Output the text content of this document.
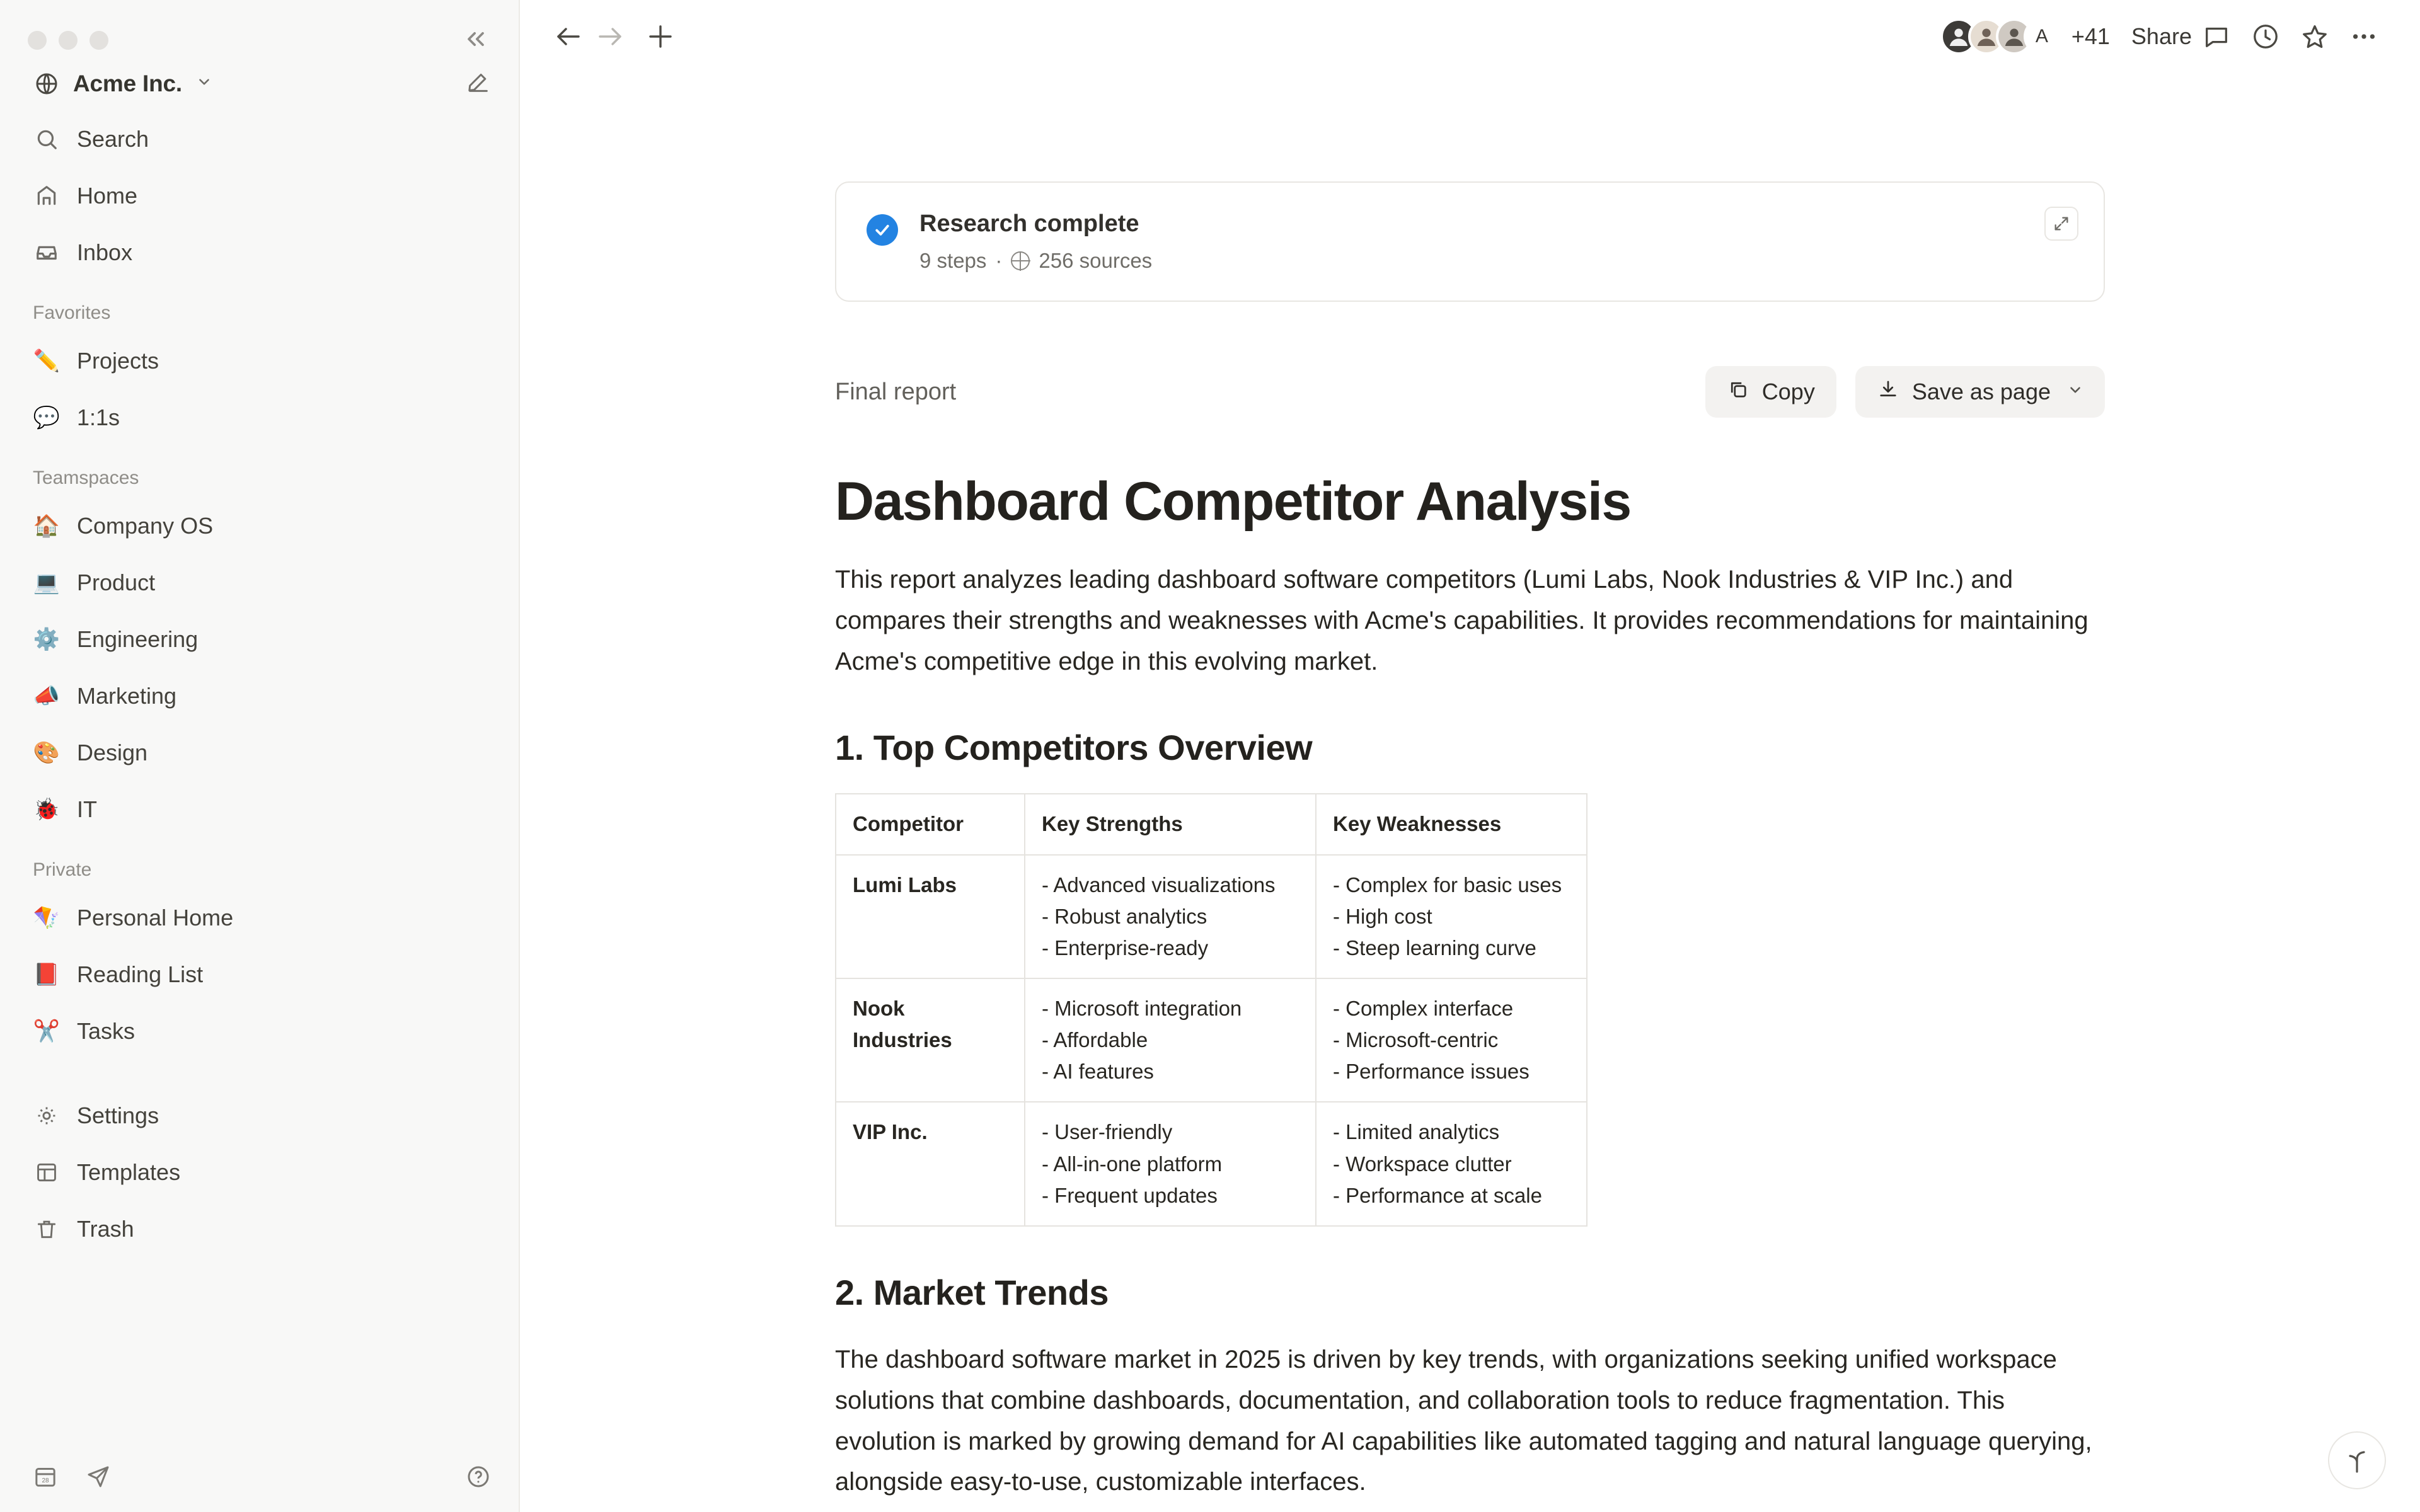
Acme Inc.
Search
Home
Inbox
Favorites
✏️ Projects
💬 1:1s
Teamspaces
🏠 Company OS
💻 Product
⚙️ Engineering
📣 Marketing
🎨 Design
🐞 IT
Private
🪁 Personal Home
📕 Reading List
✂️ Tasks
Settings
Templates
Trash
28
A +41 Share
Research complete
9 steps · 256 sources
Final report	Copy	Save as page
Dashboard Competitor Analysis

This report analyzes leading dashboard software competitors (Lumi Labs, Nook Industries & VIP Inc.) and compares their strengths and weaknesses with Acme's capabilities. It provides recommendations for maintaining Acme's competitive edge in this evolving market.

1. Top Competitors Overview
Competitor	Key Strengths	Key Weaknesses
Lumi Labs	- Advanced visualizations
- Robust analytics
- Enterprise-ready	- Complex for basic uses
- High cost
- Steep learning curve

Nook Industries	- Microsoft integration
- Affordable
- AI features	- Complex interface
- Microsoft-centric
- Performance issues

VIP Inc.	- User-friendly
- All-in-one platform
- Frequent updates	- Limited analytics
- Workspace clutter
- Performance at scale
2. Market Trends

The dashboard software market in 2025 is driven by key trends, with organizations seeking unified workspace solutions that combine dashboards, documentation, and collaboration tools to reduce fragmentation. This evolution is marked by growing demand for AI capabilities like automated tagging and natural language querying, alongside easy-to-use, customizable interfaces.
